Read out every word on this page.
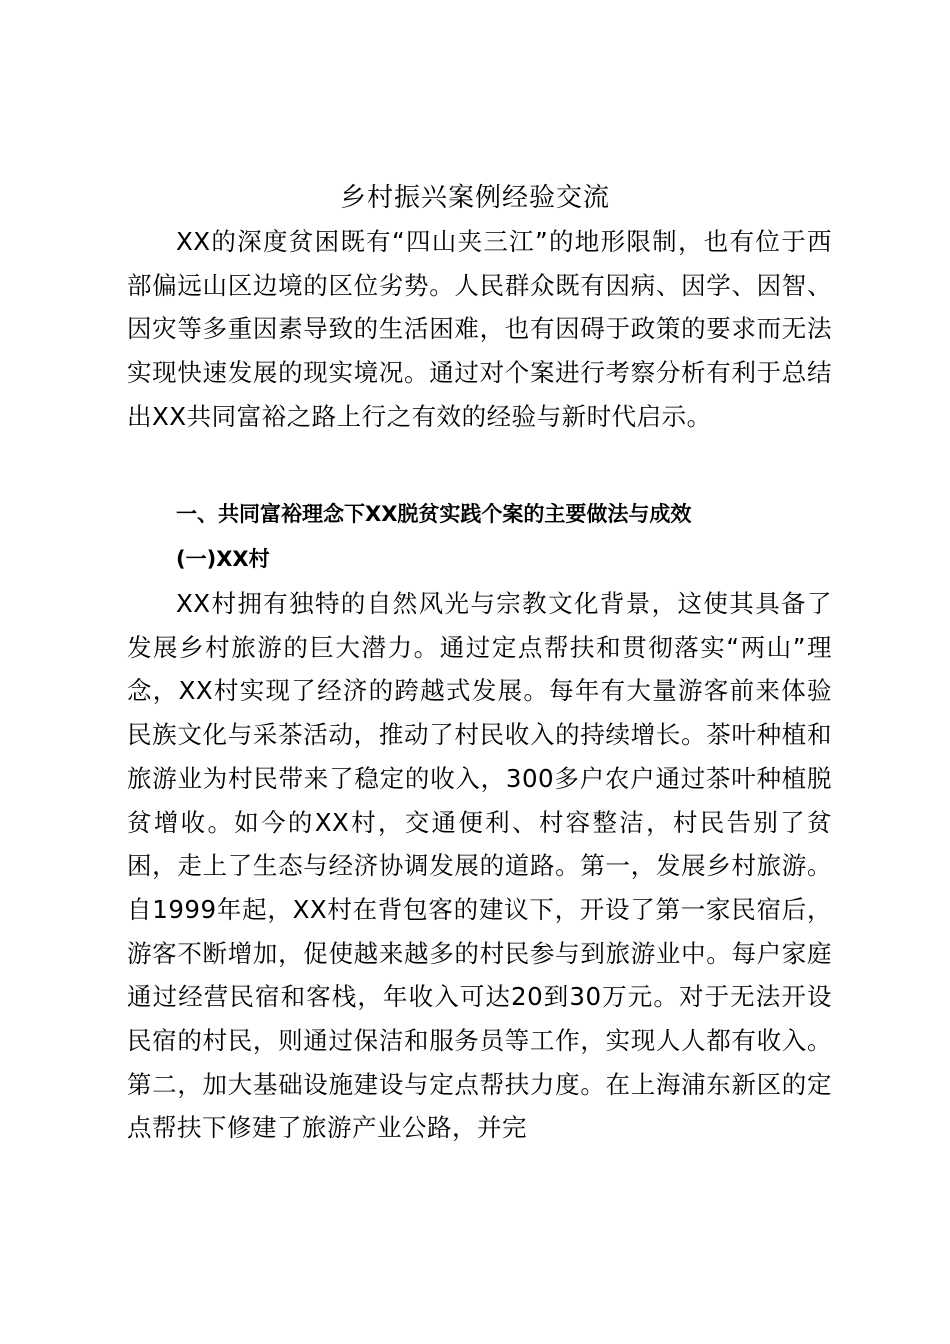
乡村振兴案例经验交流

XX的深度贫困既有“四山夹三江”的地形限制，也有位于西部偏远山区边境的区位劣势。人民群众既有因病、因学、因智、因灾等多重因素导致的生活困难，也有因碍于政策的要求而无法实现快速发展的现实境况。通过对个案进行考察分析有利于总结出XX共同富裕之路上行之有效的经验与新时代启示。

一、共同富裕理念下XX脱贫实践个案的主要做法与成效
(一)XX村

XX村拥有独特的自然风光与宗教文化背景，这使其具备了发展乡村旅游的巨大潜力。通过定点帮扶和贯彻落实“两山”理念，XX村实现了经济的跨越式发展。每年有大量游客前来体验民族文化与采茶活动，推动了村民收入的持续增长。茶叶种植和旅游业为村民带来了稳定的收入，300多户农户通过茶叶种植脱贫增收。如今的XX村，交通便利、村容整洁，村民告别了贫困，走上了生态与经济协调发展的道路。第一，发展乡村旅游。自1999年起，XX村在背包客的建议下，开设了第一家民宿后，游客不断增加，促使越来越多的村民参与到旅游业中。每户家庭通过经营民宿和客栈，年收入可达20到30万元。对于无法开设民宿的村民，则通过保洁和服务员等工作，实现人人都有收入。第二，加大基础设施建设与定点帮扶力度。在上海浦东新区的定点帮扶下修建了旅游产业公路，并完
